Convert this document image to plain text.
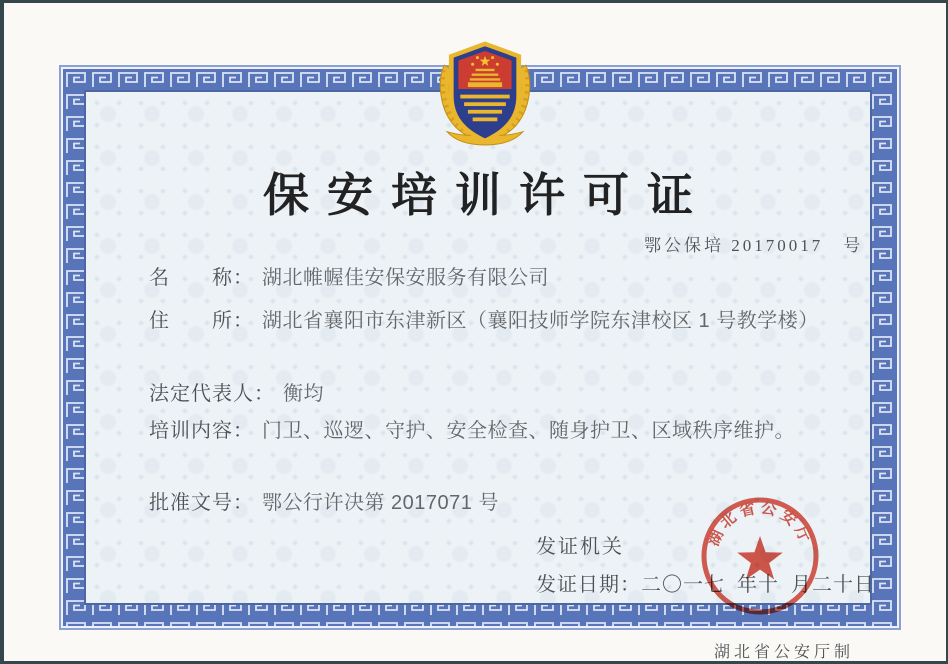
保安培训许可证
鄂公保培 20170017　号
名　　称： 湖北帷幄佳安保安服务有限公司
住　　所： 湖北省襄阳市东津新区（襄阳技师学院东津校区 1 号教学楼）
法定代表人： 衡均
培训内容： 门卫、巡逻、守护、安全检查、随身护卫、区域秩序维护。
批准文号： 鄂公行许决第 2017071 号
发证机关
发证日期：二〇一七 年十 月二十日
湖北省公安厅
湖北省公安厅制
